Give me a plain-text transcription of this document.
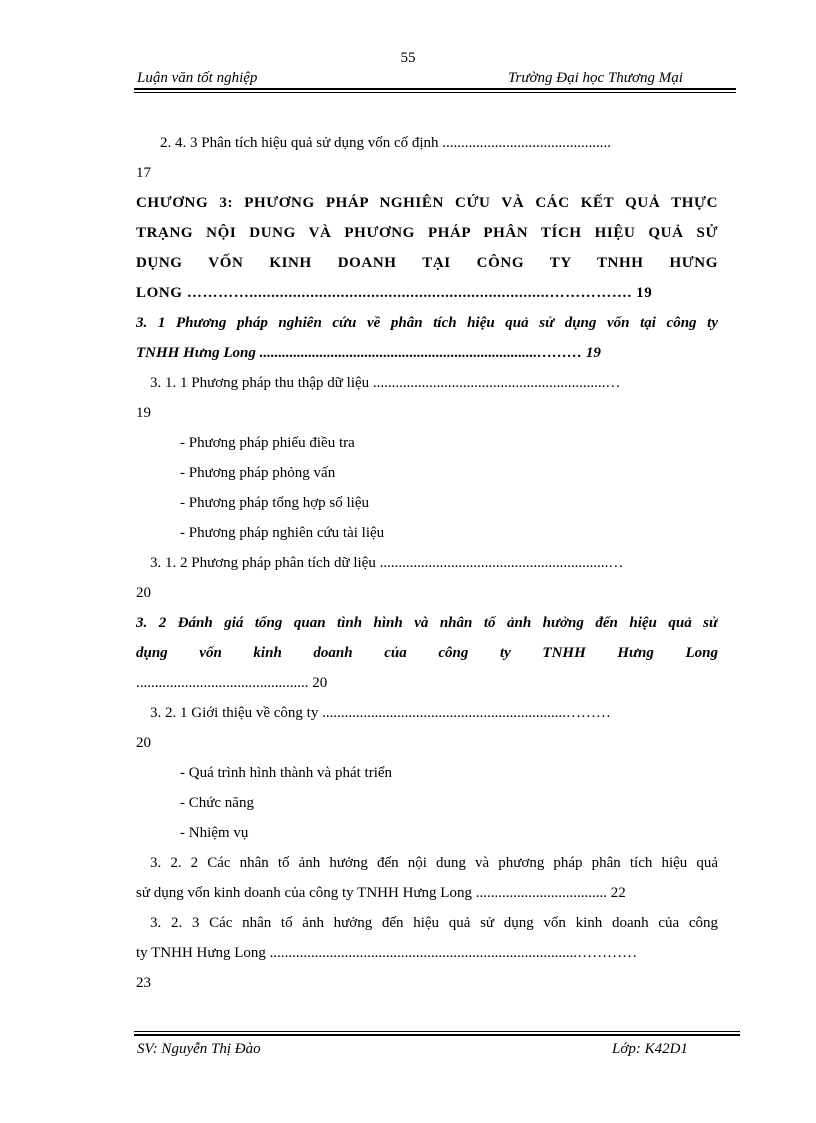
55
Luận văn tốt nghiệp	Trường Đại học Thương Mại
2. 4. 3 Phân tích hiệu quả sử dụng vốn cố định .............................................
17
CHƯƠNG 3: PHƯƠNG PHÁP NGHIÊN CỨU VÀ CÁC KẾT QUẢ THỰC
TRẠNG NỘI DUNG VÀ PHƯƠNG PHÁP PHÂN TÍCH HIỆU QUẢ SỬ
DỤNG VỐN KINH DOANH TẠI CÔNG TY TNHH HƯNG
LONG ………….....................................................................……………. 19
3. 1 Phương pháp nghiên cứu về phân tích hiệu quả sử dụng vốn tại công ty
TNHH Hưng Long ..........................................................................……… 19
3. 1. 1 Phương pháp thu thập dữ liệu ..............................................................…
19
- Phương pháp phiếu điều tra
- Phương pháp phỏng vấn
- Phương pháp tổng hợp số liệu
- Phương pháp nghiên cứu tài liệu
3. 1. 2 Phương pháp phân tích dữ liệu .............................................................…
20
3. 2 Đánh giá tổng quan tình hình và nhân tố ảnh hưởng đến hiệu quả sử
dụng vốn kinh doanh của công ty TNHH Hưng Long
.............................................. 20
3. 2. 1 Giới thiệu về công ty .................................................................………
20
- Quá trình hình thành và phát triển
- Chức năng
- Nhiệm vụ
3. 2. 2 Các nhân tố ảnh hưởng đến nội dung và phương pháp phân tích hiệu quả
sử dụng vốn kinh doanh của công ty TNHH Hưng Long ................................... 22
3. 2. 3 Các nhân tố ảnh hưởng đến hiệu quả sử dụng vốn kinh doanh của công
ty TNHH Hưng Long ..................................................................................…………
23
SV: Nguyễn Thị Đào	Lớp: K42D1
